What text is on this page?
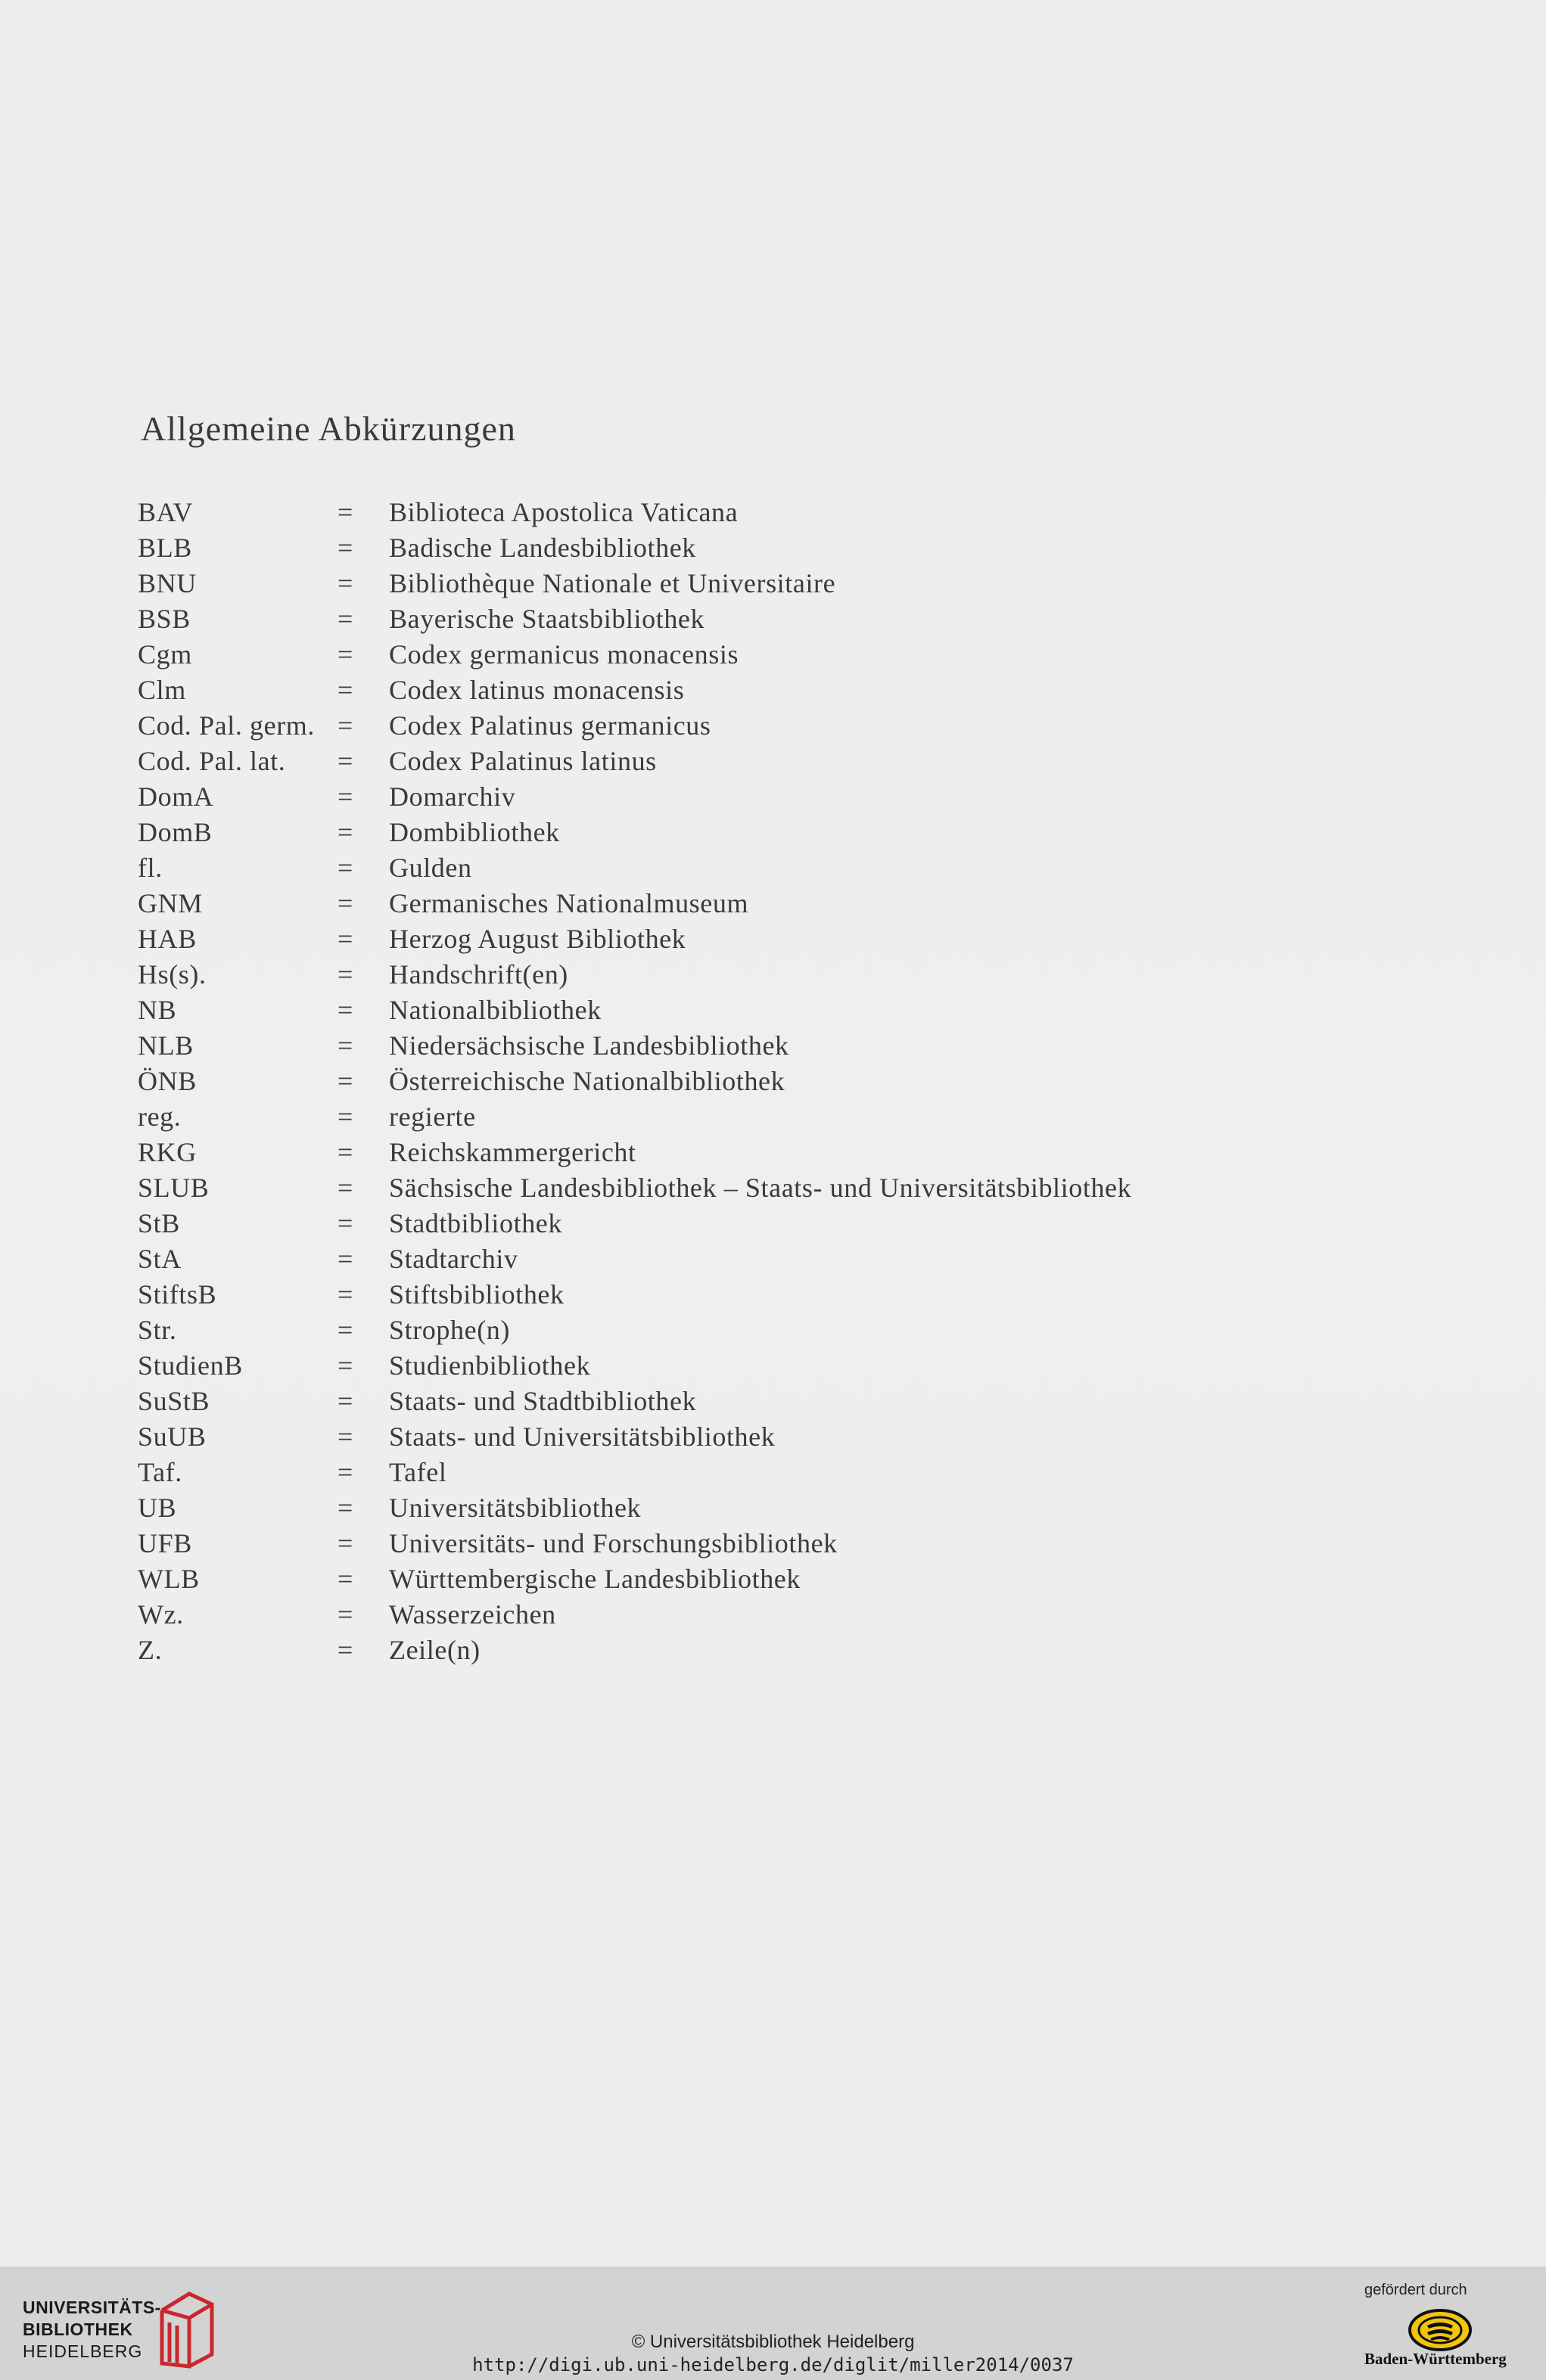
Allgemeine Abkürzungen
BAV	= Biblioteca Apostolica Vaticana
BLB	= Badische Landesbibliothek
BNU	= Bibliothèque Nationale et Universitaire
BSB	= Bayerische Staatsbibliothek
Cgm	= Codex germanicus monacensis
Clm	= Codex latinus monacensis
Cod. Pal. germ. = Codex Palatinus germanicus
Cod. Pal. lat. = Codex Palatinus latinus
DomA	= Domarchiv
DomB	= Dombibliothek
fl.	= Gulden
GNM	= Germanisches Nationalmuseum
HAB	= Herzog August Bibliothek
Hs(s).	= Handschrift(en)
NB	= Nationalbibliothek
NLB	= Niedersächsische Landesbibliothek
ÖNB	= Österreichische Nationalbibliothek
reg.	= regierte
RKG	= Reichskammergericht
SLUB	= Sächsische Landesbibliothek – Staats- und Universitätsbibliothek
StB	= Stadtbibliothek
StA	= Stadtarchiv
StiftsB	= Stiftsbibliothek
Str.	= Strophe(n)
StudienB	= Studienbibliothek
SuStB	= Staats- und Stadtbibliothek
SuUB	= Staats- und Universitätsbibliothek
Taf.	= Tafel
UB	= Universitätsbibliothek
UFB	= Universitäts- und Forschungsbibliothek
WLB	= Württembergische Landesbibliothek
Wz.	= Wasserzeichen
Z.	= Zeile(n)
UNIVERSITÄTS-
BIBLIOTHEK
HEIDELBERG	© Universitätsbibliothek Heidelberg
http://digi.ub.uni-heidelberg.de/diglit/miller2014/0037
gefördert durch
Baden-Württemberg
